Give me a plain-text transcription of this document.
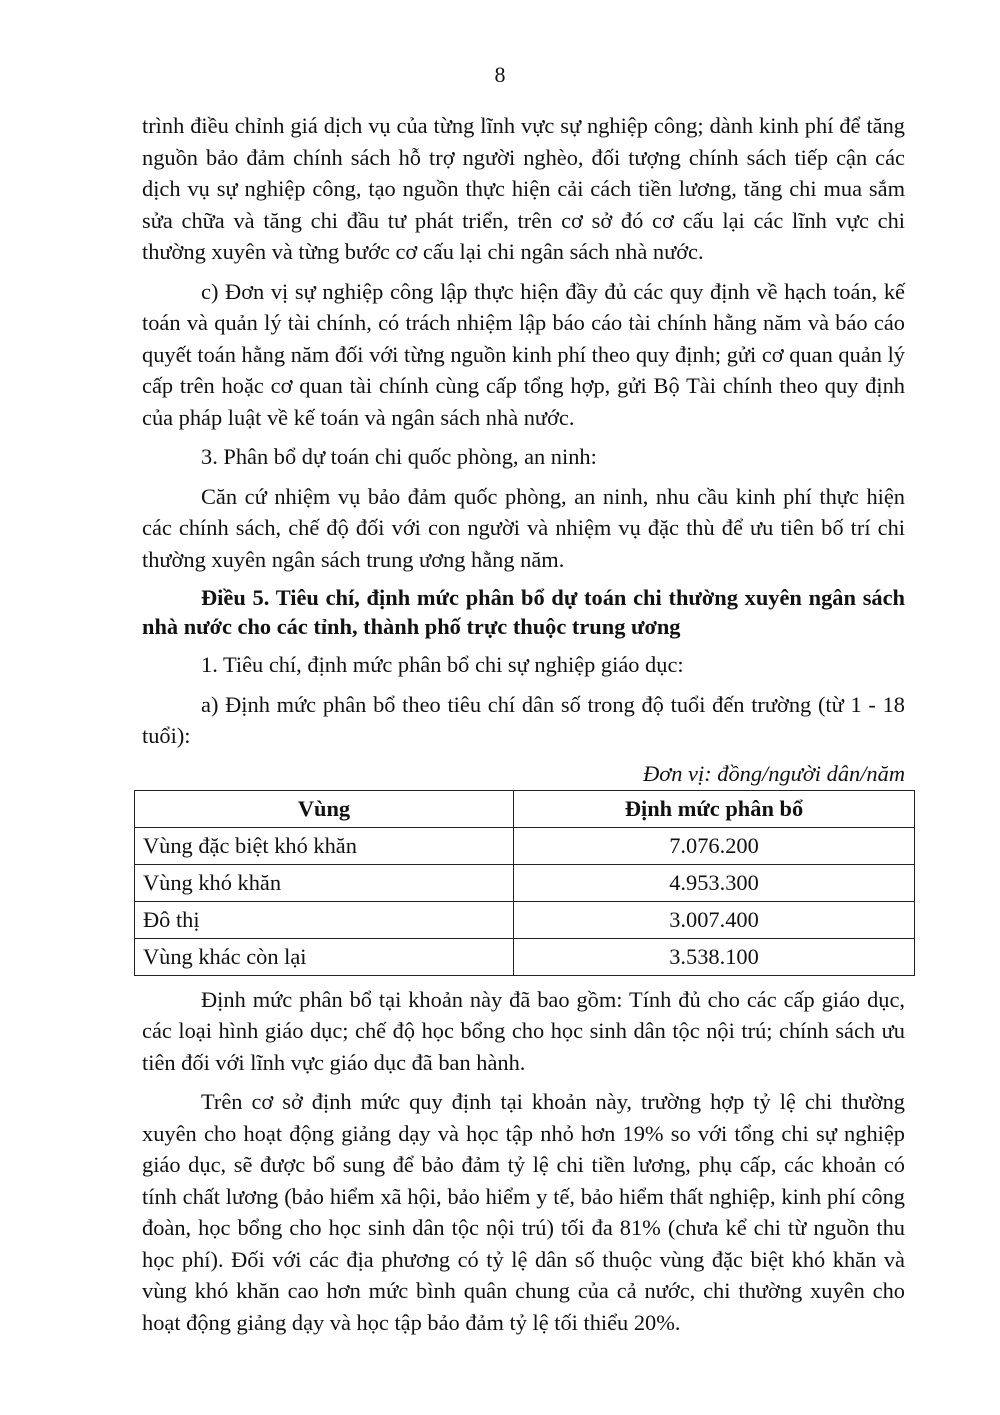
8

trình điều chỉnh giá dịch vụ của từng lĩnh vực sự nghiệp công; dành kinh phí để tăng nguồn bảo đảm chính sách hỗ trợ người nghèo, đối tượng chính sách tiếp cận các dịch vụ sự nghiệp công, tạo nguồn thực hiện cải cách tiền lương, tăng chi mua sắm sửa chữa và tăng chi đầu tư phát triển, trên cơ sở đó cơ cấu lại các lĩnh vực chi thường xuyên và từng bước cơ cấu lại chi ngân sách nhà nước.

c) Đơn vị sự nghiệp công lập thực hiện đầy đủ các quy định về hạch toán, kế toán và quản lý tài chính, có trách nhiệm lập báo cáo tài chính hằng năm và báo cáo quyết toán hằng năm đối với từng nguồn kinh phí theo quy định; gửi cơ quan quản lý cấp trên hoặc cơ quan tài chính cùng cấp tổng hợp, gửi Bộ Tài chính theo quy định của pháp luật về kế toán và ngân sách nhà nước.

3. Phân bổ dự toán chi quốc phòng, an ninh:

Căn cứ nhiệm vụ bảo đảm quốc phòng, an ninh, nhu cầu kinh phí thực hiện các chính sách, chế độ đối với con người và nhiệm vụ đặc thù để ưu tiên bố trí chi thường xuyên ngân sách trung ương hằng năm.

Điều 5. Tiêu chí, định mức phân bổ dự toán chi thường xuyên ngân sách nhà nước cho các tỉnh, thành phố trực thuộc trung ương

1. Tiêu chí, định mức phân bổ chi sự nghiệp giáo dục:

a) Định mức phân bổ theo tiêu chí dân số trong độ tuổi đến trường (từ 1 - 18 tuổi):

Đơn vị: đồng/người dân/năm
Vùng	Định mức phân bổ
Vùng đặc biệt khó khăn	7.076.200
Vùng khó khăn	4.953.300
Đô thị	3.007.400
Vùng khác còn lại	3.538.100

Định mức phân bổ tại khoản này đã bao gồm: Tính đủ cho các cấp giáo dục, các loại hình giáo dục; chế độ học bổng cho học sinh dân tộc nội trú; chính sách ưu tiên đối với lĩnh vực giáo dục đã ban hành.

Trên cơ sở định mức quy định tại khoản này, trường hợp tỷ lệ chi thường xuyên cho hoạt động giảng dạy và học tập nhỏ hơn 19% so với tổng chi sự nghiệp giáo dục, sẽ được bổ sung để bảo đảm tỷ lệ chi tiền lương, phụ cấp, các khoản có tính chất lương (bảo hiểm xã hội, bảo hiểm y tế, bảo hiểm thất nghiệp, kinh phí công đoàn, học bổng cho học sinh dân tộc nội trú) tối đa 81% (chưa kể chi từ nguồn thu học phí). Đối với các địa phương có tỷ lệ dân số thuộc vùng đặc biệt khó khăn và vùng khó khăn cao hơn mức bình quân chung của cả nước, chi thường xuyên cho hoạt động giảng dạy và học tập bảo đảm tỷ lệ tối thiểu 20%.
